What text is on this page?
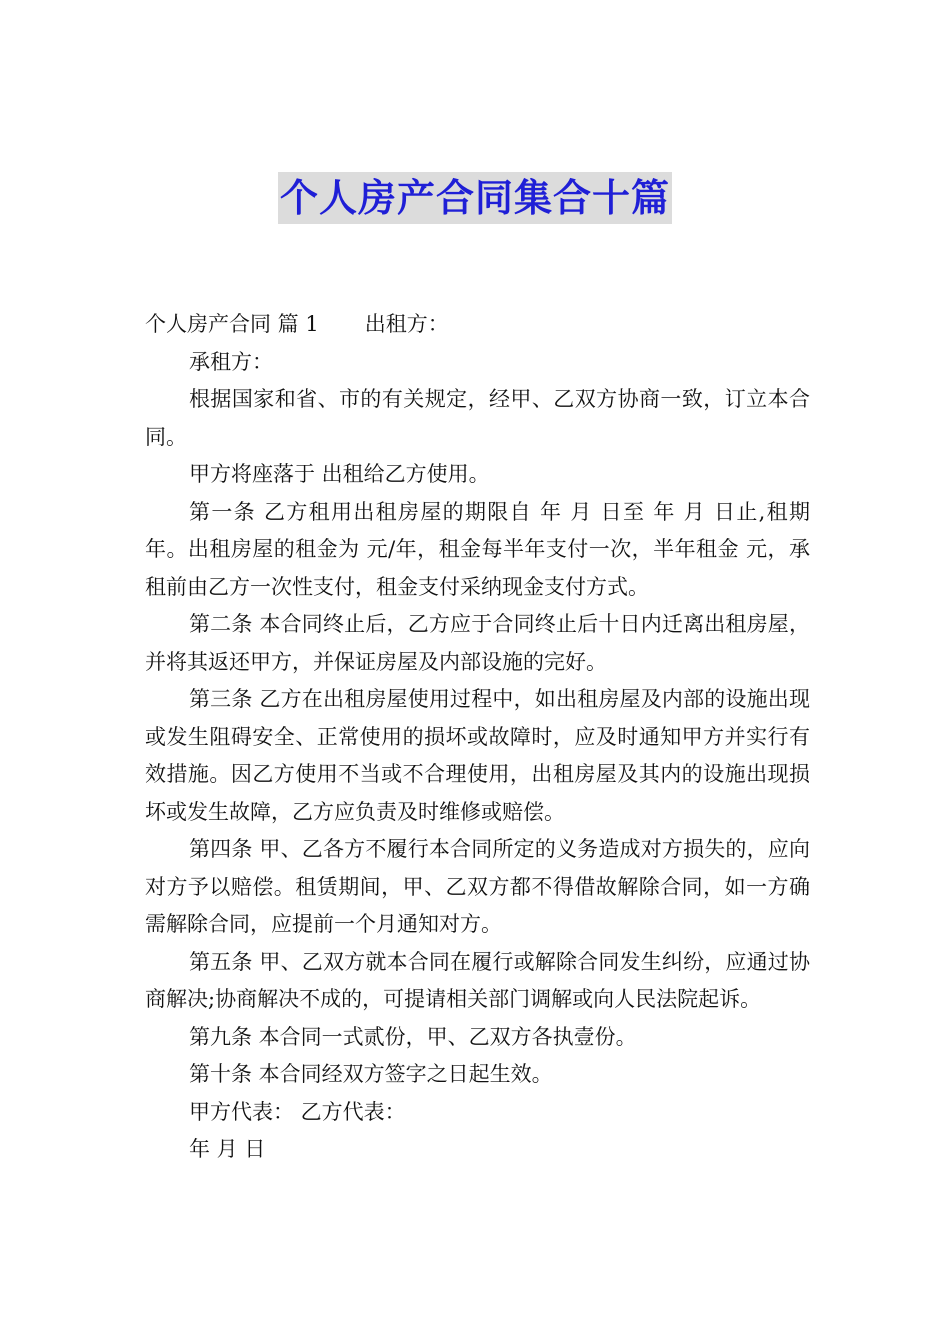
个人房产合同集合十篇

个人房产合同 篇 1 出租方：

承租方：

根据国家和省、市的有关规定，经甲、乙双方协商一致，订立本合同。

甲方将座落于 出租给乙方使用。

第一条 乙方租用出租房屋的期限自 年 月 日至 年 月 日止,租期 年。出租房屋的租金为 元/年，租金每半年支付一次，半年租金 元，承租前由乙方一次性支付，租金支付采纳现金支付方式。

第二条 本合同终止后，乙方应于合同终止后十日内迁离出租房屋，并将其返还甲方，并保证房屋及内部设施的完好。

第三条 乙方在出租房屋使用过程中，如出租房屋及内部的设施出现或发生阻碍安全、正常使用的损坏或故障时，应及时通知甲方并实行有效措施。因乙方使用不当或不合理使用，出租房屋及其内的设施出现损坏或发生故障，乙方应负责及时维修或赔偿。

第四条 甲、乙各方不履行本合同所定的义务造成对方损失的，应向对方予以赔偿。租赁期间，甲、乙双方都不得借故解除合同，如一方确需解除合同，应提前一个月通知对方。

第五条 甲、乙双方就本合同在履行或解除合同发生纠纷，应通过协商解决;协商解决不成的，可提请相关部门调解或向人民法院起诉。

第九条 本合同一式贰份，甲、乙双方各执壹份。

第十条 本合同经双方签字之日起生效。

甲方代表： 乙方代表：

年 月 日
